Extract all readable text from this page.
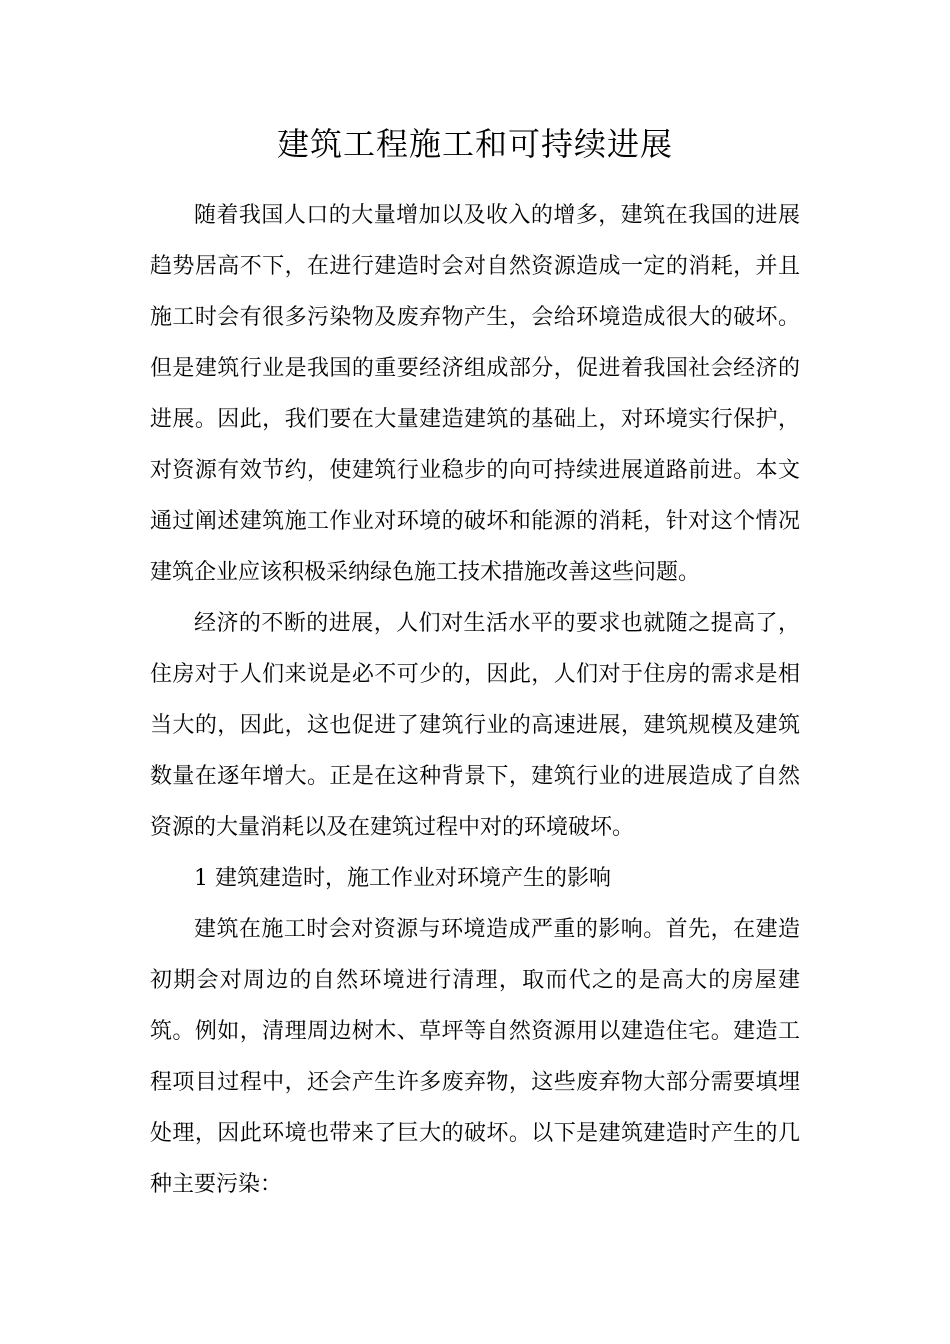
建筑工程施工和可持续进展

随着我国人口的大量增加以及收入的增多，建筑在我国的进展趋势居高不下，在进行建造时会对自然资源造成一定的消耗，并且施工时会有很多污染物及废弃物产生，会给环境造成很大的破坏。但是建筑行业是我国的重要经济组成部分，促进着我国社会经济的进展。因此，我们要在大量建造建筑的基础上，对环境实行保护，对资源有效节约，使建筑行业稳步的向可持续进展道路前进。本文通过阐述建筑施工作业对环境的破坏和能源的消耗，针对这个情况建筑企业应该积极采纳绿色施工技术措施改善这些问题。

经济的不断的进展，人们对生活水平的要求也就随之提高了，住房对于人们来说是必不可少的，因此，人们对于住房的需求是相当大的，因此，这也促进了建筑行业的高速进展，建筑规模及建筑数量在逐年增大。正是在这种背景下，建筑行业的进展造成了自然资源的大量消耗以及在建筑过程中对的环境破坏。

1 建筑建造时，施工作业对环境产生的影响

建筑在施工时会对资源与环境造成严重的影响。首先，在建造初期会对周边的自然环境进行清理，取而代之的是高大的房屋建筑。例如，清理周边树木、草坪等自然资源用以建造住宅。建造工程项目过程中，还会产生许多废弃物，这些废弃物大部分需要填埋处理，因此环境也带来了巨大的破坏。以下是建筑建造时产生的几种主要污染：
